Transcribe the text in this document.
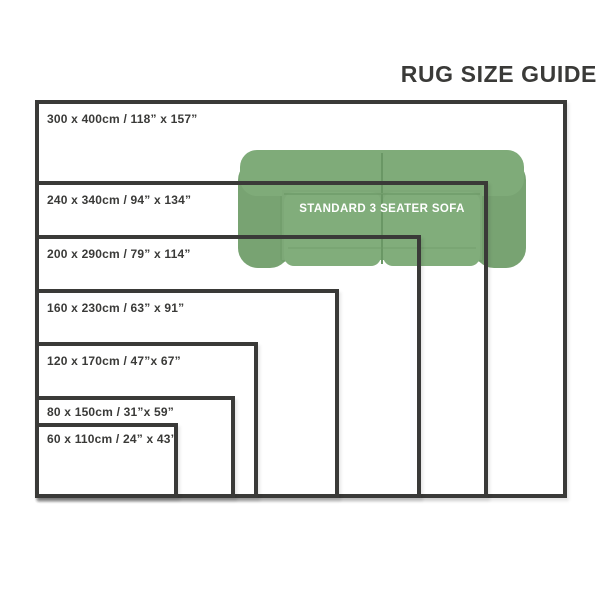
RUG SIZE GUIDE
STANDARD 3 SEATER SOFA
300 x 400cm / 118” x 157”
240 x 340cm / 94” x 134”
200 x 290cm / 79” x 114”
160 x 230cm / 63” x 91”
120 x 170cm / 47”x 67”
80 x 150cm / 31”x 59”
60 x 110cm / 24” x 43”
